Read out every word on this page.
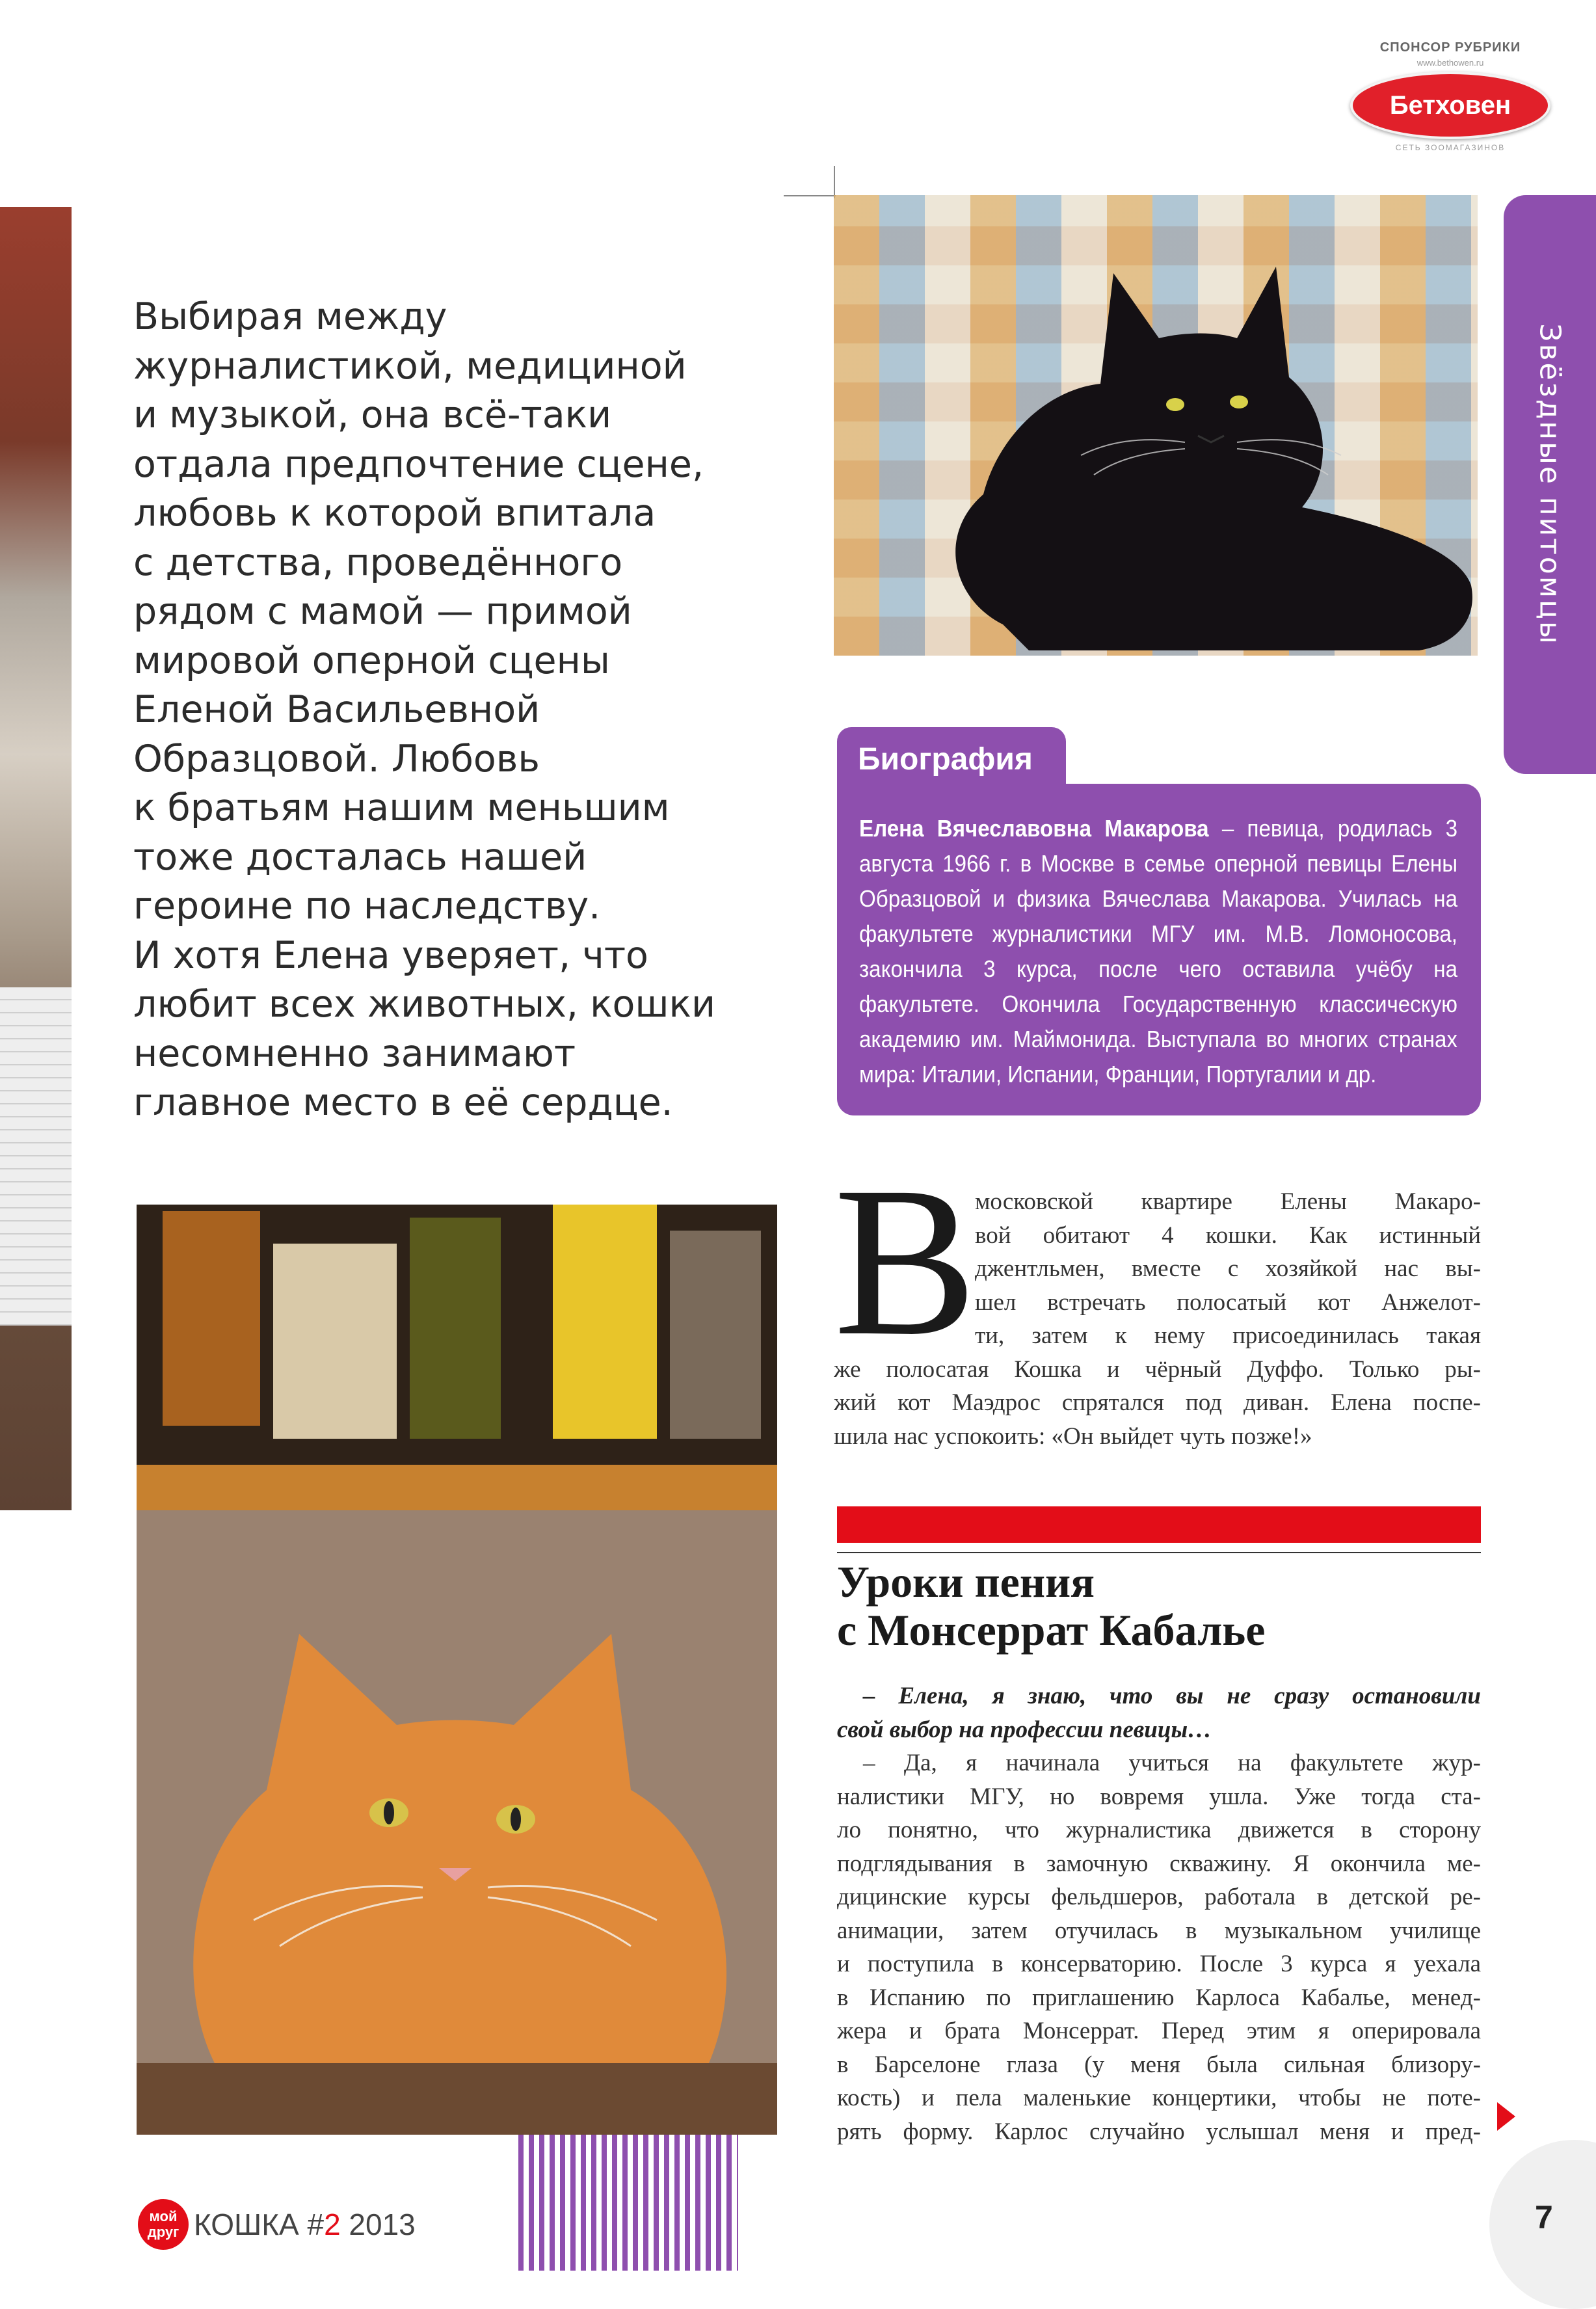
СПОНСОР РУБРИКИ
www.bethowen.ru
Бетховен
СЕТЬ ЗООМАГАЗИНОВ
Звёздные питомцы

Выбирая между

журналистикой, медициной

и музыкой, она всё-таки

отдала предпочтение сцене,

любовь к которой впитала

с детства, проведённого

рядом с мамой — примой

мировой оперной сцены

Еленой Васильевной

Образцовой. Любовь

к братьям нашим меньшим

тоже досталась нашей

героине по наследству.

И хотя Елена уверяет, что

любит всех животных, кошки

несомненно занимают

главное место в её сердце.

Биография
Елена Вячеславовна Макарова – певица, родилась 3 августа 1966 г. в Москве в семье оперной певицы Елены Образцовой и физика Вячеслава Макарова. Училась на факультете журналистики МГУ им. М.В. Ломоносова, закончила 3 курса, после чего оставила учёбу на факультете. Окончила Государственную классическую академию им. Маймонида. Выступала во многих странах мира: Италии, Испании, Франции, Португалии и др.
В
московской квартире Елены Макаро-
вой обитают 4 кошки. Как истинный
джентльмен, вместе с хозяйкой нас вы-
шел встречать полосатый кот Анжелот-
ти, затем к нему присоединилась такая
же полосатая Кошка и чёрный Дуффо. Только ры-
жий кот Маэдрос спрятался под диван. Елена поспе-
шила нас успокоить: «Он выйдет чуть позже!»
Уроки пения
с Монсеррат Кабалье
– Елена, я знаю, что вы не сразу остановили
свой выбор на профессии певицы…
– Да, я начинала учиться на факультете жур-
налистики МГУ, но вовремя ушла. Уже тогда ста-
ло понятно, что журналистика движется в сторону
подглядывания в замочную скважину. Я окончила ме-
дицинские курсы фельдшеров, работала в детской ре-
анимации, затем отучилась в музыкальном училище
и поступила в консерваторию. После 3 курса я уехала
в Испанию по приглашению Карлоса Кабалье, менед-
жера и брата Монсеррат. Перед этим я оперировала
в Барселоне глаза (у меня была сильная близору-
кость) и пела маленькие концертики, чтобы не поте-
рять форму. Карлос случайно услышал меня и пред-
мой
друг КОШКА #2 2013	7
